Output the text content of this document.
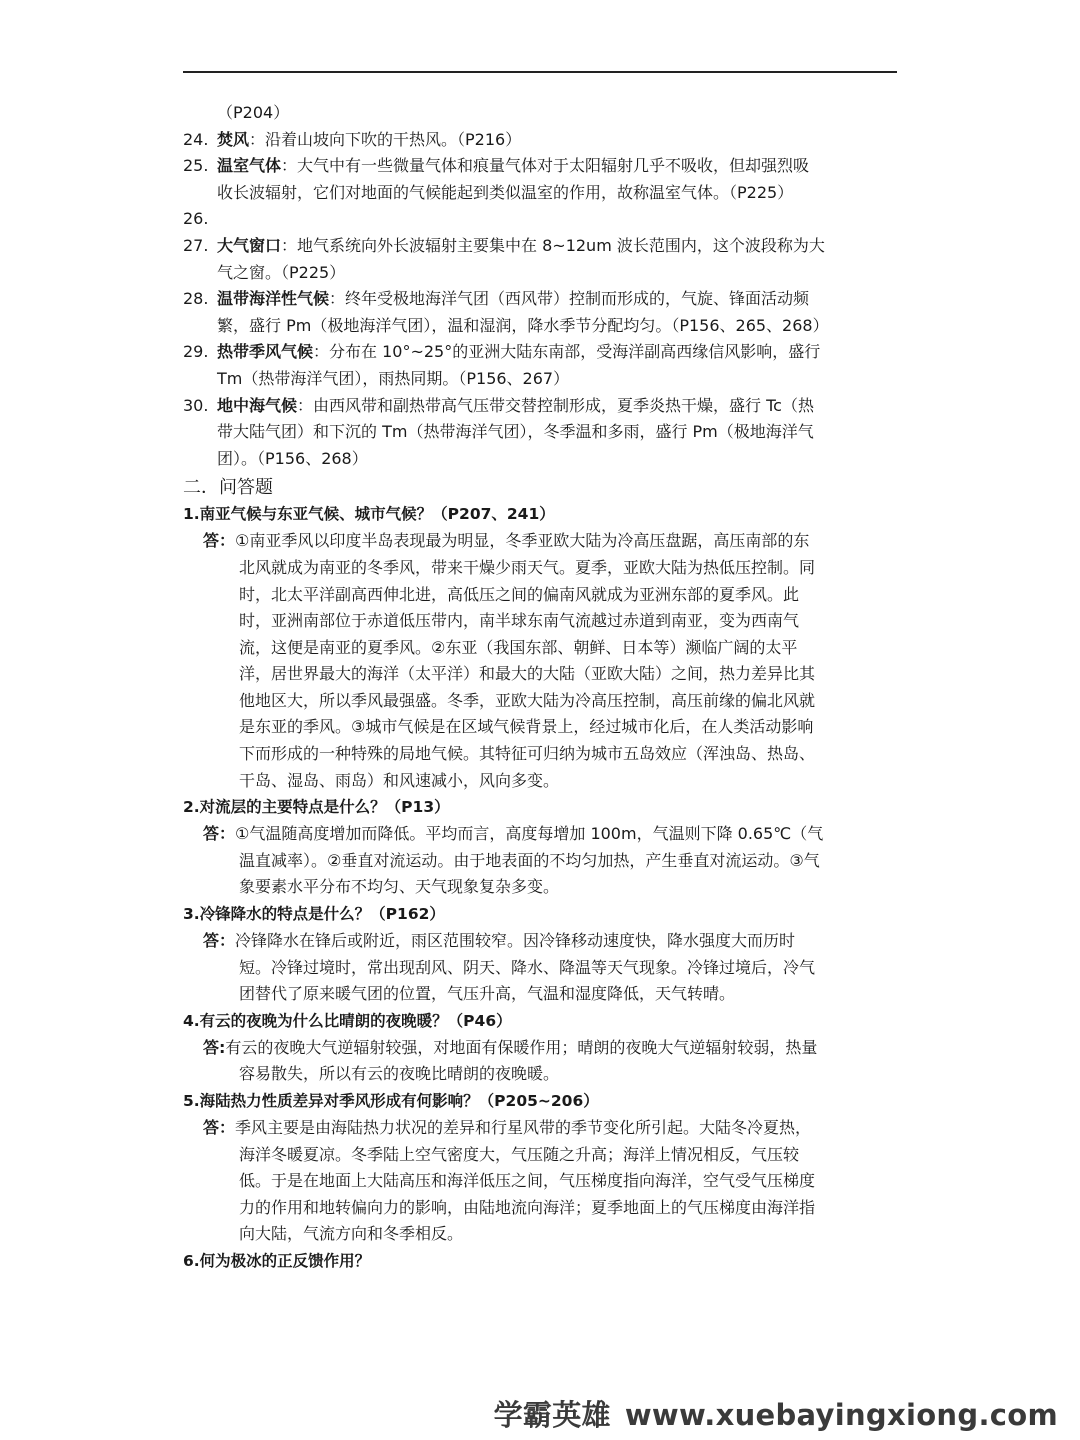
（P204）
24. 焚风：沿着山坡向下吹的干热风。（P216）
25. 温室气体：大气中有一些微量气体和痕量气体对于太阳辐射几乎不吸收，但却强烈吸
收长波辐射，它们对地面的气候能起到类似温室的作用，故称温室气体。（P225）
26.
27. 大气窗口：地气系统向外长波辐射主要集中在 8~12um 波长范围内，这个波段称为大
气之窗。（P225）
28. 温带海洋性气候：终年受极地海洋气团（西风带）控制而形成的，气旋、锋面活动频
繁，盛行 Pm（极地海洋气团），温和湿润，降水季节分配均匀。（P156、265、268）
29. 热带季风气候：分布在 10°~25°的亚洲大陆东南部，受海洋副高西缘信风影响，盛行
Tm（热带海洋气团），雨热同期。（P156、267）
30. 地中海气候：由西风带和副热带高气压带交替控制形成，夏季炎热干燥，盛行 Tc（热
带大陆气团）和下沉的 Tm（热带海洋气团），冬季温和多雨，盛行 Pm（极地海洋气
团）。（P156、268）
二．问答题
1.南亚气候与东亚气候、城市气候？（P207、241）
答：①南亚季风以印度半岛表现最为明显，冬季亚欧大陆为冷高压盘踞，高压南部的东
北风就成为南亚的冬季风，带来干燥少雨天气。夏季，亚欧大陆为热低压控制。同
时，北太平洋副高西伸北进，高低压之间的偏南风就成为亚洲东部的夏季风。此
时，亚洲南部位于赤道低压带内，南半球东南气流越过赤道到南亚，变为西南气
流，这便是南亚的夏季风。②东亚（我国东部、朝鲜、日本等）濒临广阔的太平
洋，居世界最大的海洋（太平洋）和最大的大陆（亚欧大陆）之间，热力差异比其
他地区大，所以季风最强盛。冬季，亚欧大陆为冷高压控制，高压前缘的偏北风就
是东亚的季风。③城市气候是在区域气候背景上，经过城市化后，在人类活动影响
下而形成的一种特殊的局地气候。其特征可归纳为城市五岛效应（浑浊岛、热岛、
干岛、湿岛、雨岛）和风速减小，风向多变。
2.对流层的主要特点是什么？（P13）
答：①气温随高度增加而降低。平均而言，高度每增加 100m，气温则下降 0.65℃（气
温直减率）。②垂直对流运动。由于地表面的不均匀加热，产生垂直对流运动。③气
象要素水平分布不均匀、天气现象复杂多变。
3.冷锋降水的特点是什么？（P162）
答：冷锋降水在锋后或附近，雨区范围较窄。因冷锋移动速度快，降水强度大而历时
短。冷锋过境时，常出现刮风、阴天、降水、降温等天气现象。冷锋过境后，冷气
团替代了原来暖气团的位置，气压升高，气温和湿度降低，天气转晴。
4.有云的夜晚为什么比晴朗的夜晚暖？（P46）
答:有云的夜晚大气逆辐射较强，对地面有保暖作用；晴朗的夜晚大气逆辐射较弱，热量
容易散失，所以有云的夜晚比晴朗的夜晚暖。
5.海陆热力性质差异对季风形成有何影响？（P205~206）
答：季风主要是由海陆热力状况的差异和行星风带的季节变化所引起。大陆冬冷夏热，
海洋冬暖夏凉。冬季陆上空气密度大，气压随之升高；海洋上情况相反，气压较
低。于是在地面上大陆高压和海洋低压之间，气压梯度指向海洋，空气受气压梯度
力的作用和地转偏向力的影响，由陆地流向海洋；夏季地面上的气压梯度由海洋指
向大陆，气流方向和冬季相反。
6.何为极冰的正反馈作用？
学霸英雄 www.xuebayingxiong.com
